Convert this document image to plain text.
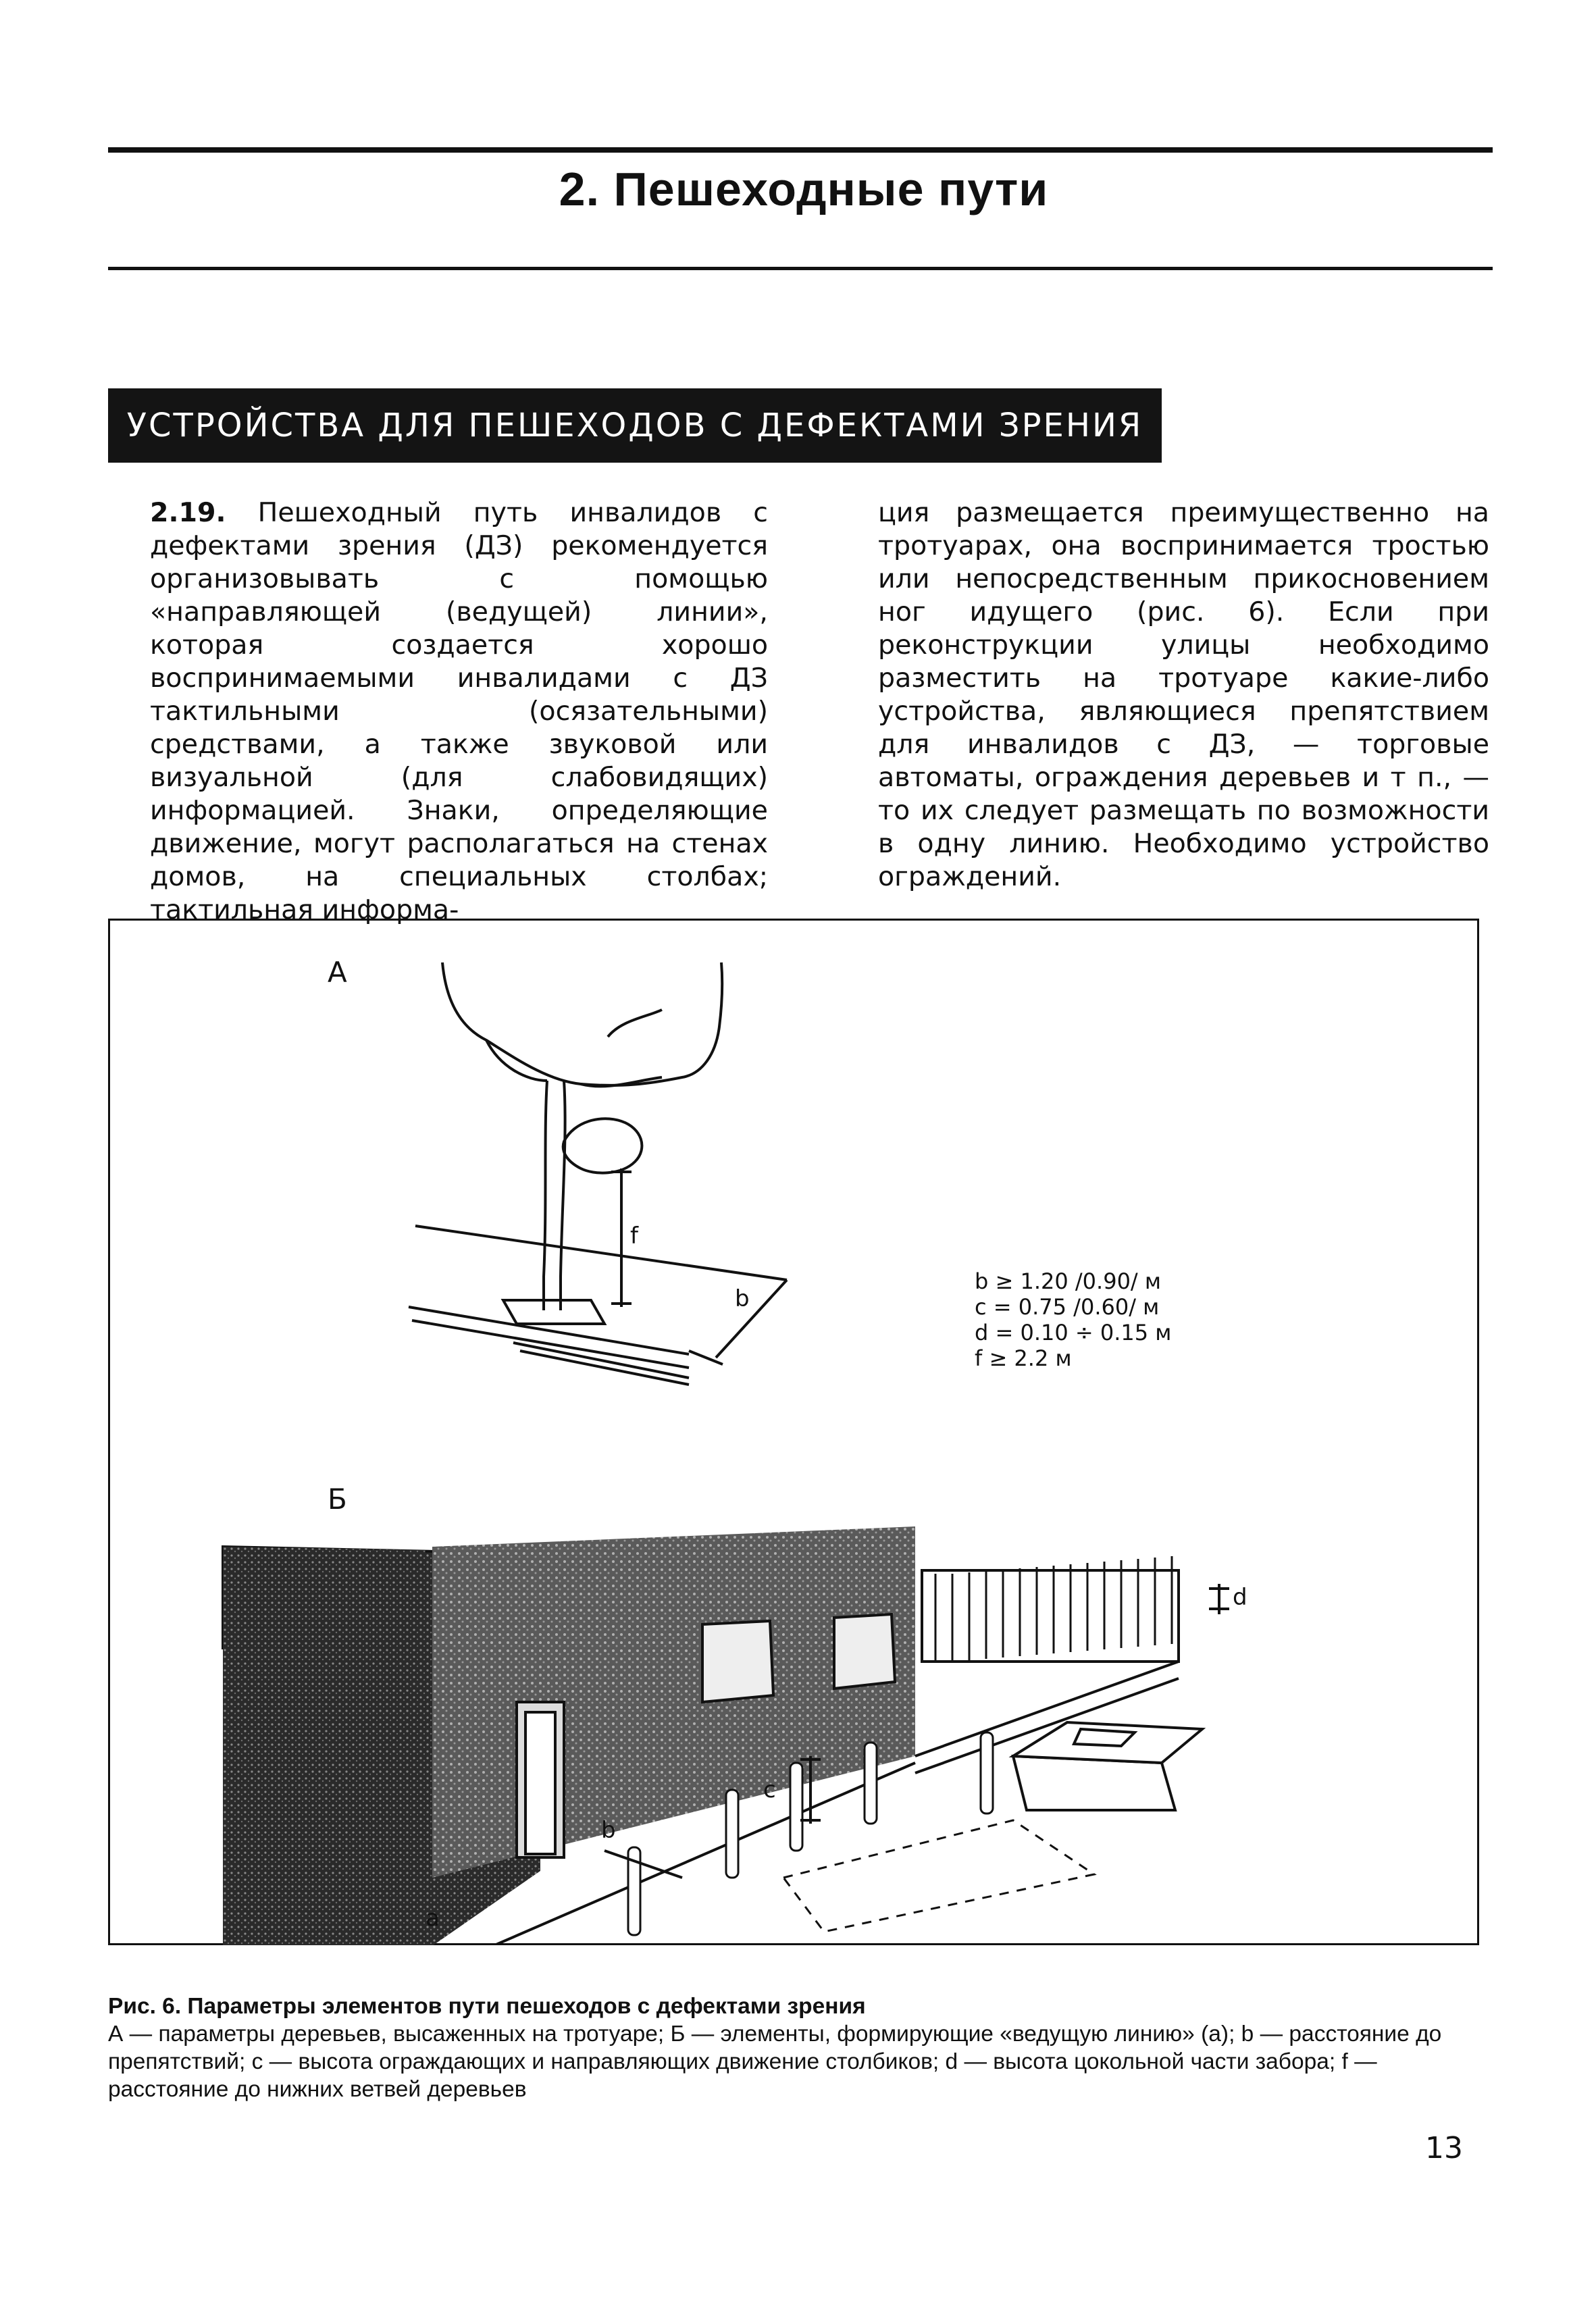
2. Пешеходные пути
УСТРОЙСТВА ДЛЯ ПЕШЕХОДОВ С ДЕФЕКТАМИ ЗРЕНИЯ

2.19. Пешеходный путь инвалидов с дефектами зрения (ДЗ) рекомендуется организовывать с помощью «направляющей (ведущей) линии», которая создается хорошо воспринимаемыми инвалидами с ДЗ тактильными (осязательными) средствами, а также звуковой или визуальной (для слабовидящих) информацией. Знаки, определяющие движение, могут располагаться на стенах домов, на специальных столбах; тактильная информа-

ция размещается преимущественно на тротуарах, она воспринимается тростью или непосредственным прикосновением ног идущего (рис. 6). Если при реконструкции улицы необходимо разместить на тротуаре какие-либо устройства, являющиеся препятствием для инвалидов с ДЗ, — торговые автоматы, ограждения деревьев и т п., — то их следует размещать по возможности в одну линию. Необходимо устройство ограждений.

А
Б
b ≥ 1.20 /0.90/ м
c = 0.75 /0.60/ м
d = 0.10 ÷ 0.15 м
f ≥ 2.2 м
f
b
c
d
b
a
Рис. 6. Параметры элементов пути пешеходов с дефектами зрения
А — параметры деревьев, высаженных на тротуаре; Б — элементы, формирующие «ведущую линию» (а); b — расстояние до препятствий; c — высота ограждающих и направляющих движение столбиков; d — высота цокольной части забора; f — расстояние до нижних ветвей деревьев
13
